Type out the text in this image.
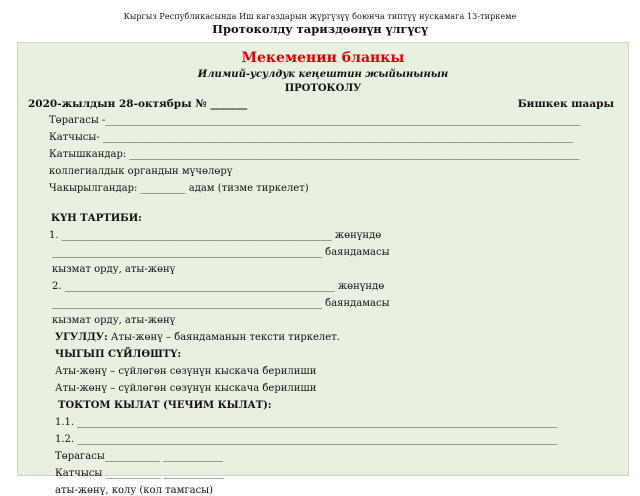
Кыргыз Республикасында Иш кагаздарын жүргүзүү боюнча типтүү нускамага 13-тиркеме
Протоколду тариздөөнүн үлгүсү
Мекеменин бланкы
Илимий-усулдук кеңештин жыйынынын
ПРОТОКОЛУ
2020-жылдын 28-октябры № _______	Бишкек шаары
Төрагасы -_______________________________________________________________________________________________
Катчысы- ______________________________________________________________________________________________
Катышкандар: __________________________________________________________________________________________
коллегиалдык органдын мүчөлөрү
Чакырылгандар: _________ адам (тизме тиркелет)
КҮН ТАРТИБИ:
1. ______________________________________________________ жөнүндө
______________________________________________________ баяндамасы
кызмат орду, аты-жөнү
2. ______________________________________________________ жөнүндө
______________________________________________________ баяндамасы
кызмат орду, аты-жөнү
УГУЛДУ: Аты-жөнү – баяндаманын тексти тиркелет.
ЧЫГЫП СҮЙЛӨШТҮ:
Аты-жөнү – сүйлөгөн сөзүнүн кыскача берилиши
Аты-жөнү – сүйлөгөн сөзүнүн кыскача берилиши
ТОКТОМ КЫЛАТ (ЧЕЧИМ КЫЛАТ):
1.1. ________________________________________________________________________________________________
1.2. ________________________________________________________________________________________________
Төрагасы___________ ____________
Катчысы ___________ ____________
аты-жөнү, колу (кол тамгасы)
